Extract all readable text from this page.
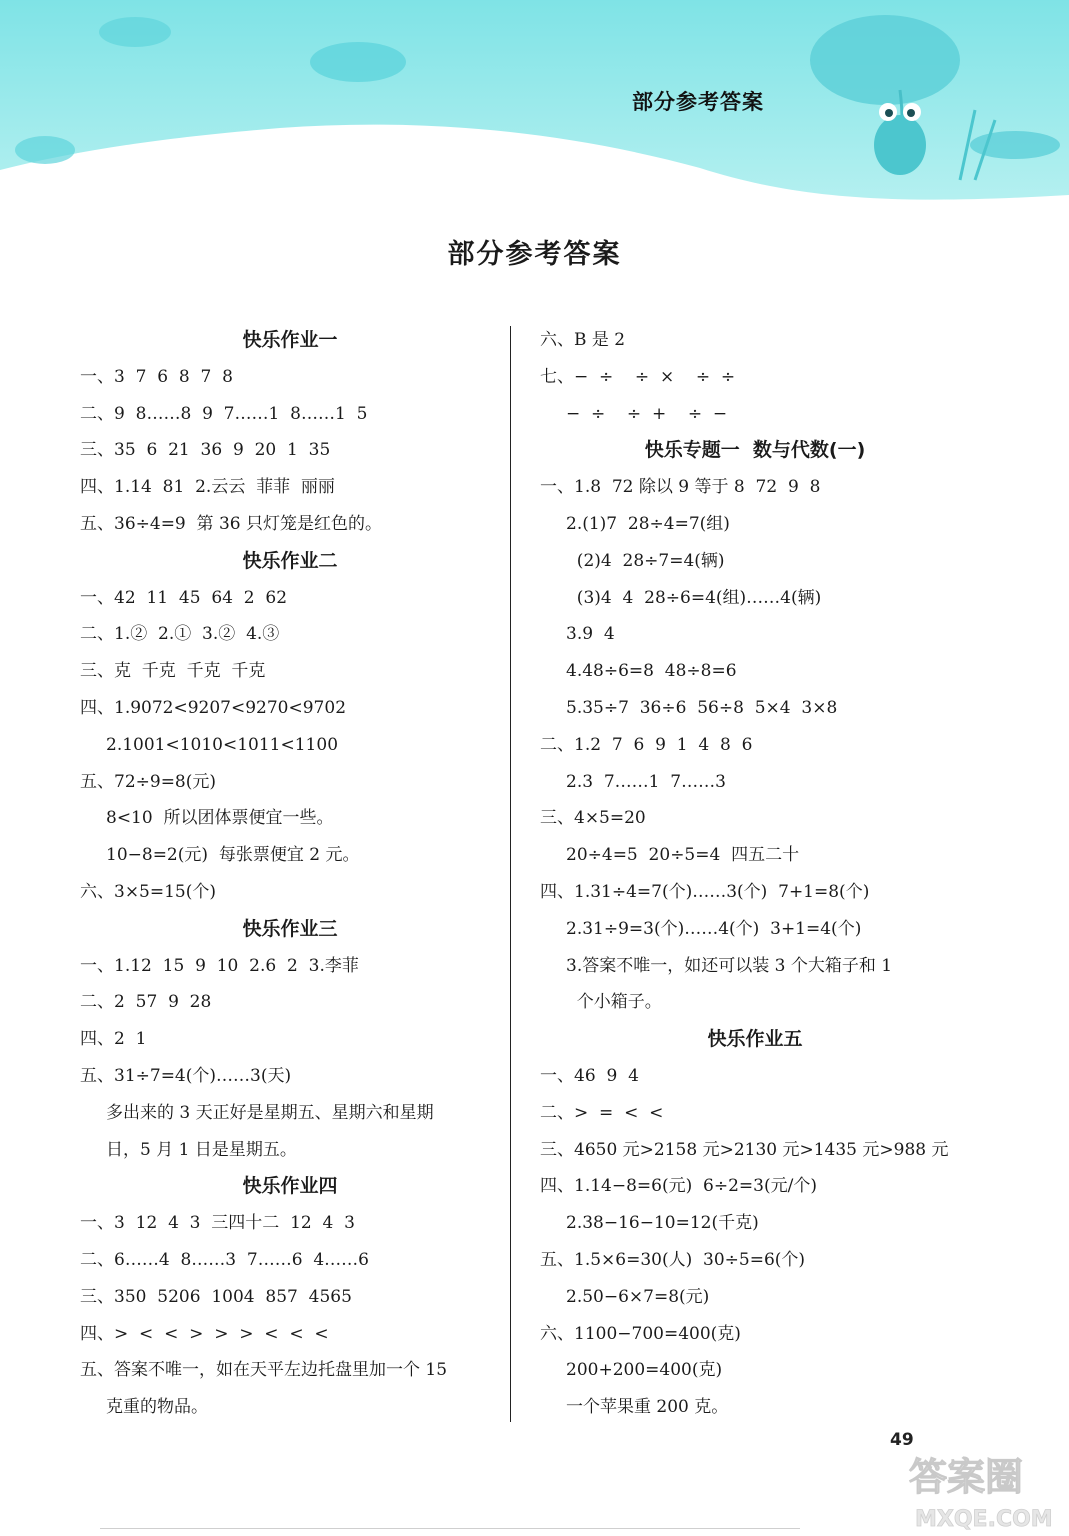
部分参考答案
部分参考答案
快乐作业一
一、3  7  6  8  7  8
二、9  8……8  9  7……1  8……1  5
三、35  6  21  36  9  20  1  35
四、1.14  81  2.云云  菲菲  丽丽
五、36÷4=9  第 36 只灯笼是红色的。
快乐作业二
一、42  11  45  64  2  62
二、1.②  2.①  3.②  4.③
三、克  千克  千克  千克
四、1.9072<9207<9270<9702
2.1001<1010<1011<1100
五、72÷9=8(元)
8<10  所以团体票便宜一些。
10−8=2(元)  每张票便宜 2 元。
六、3×5=15(个)
快乐作业三
一、1.12  15  9  10  2.6  2  3.李菲
二、2  57  9  28
四、2  1
五、31÷7=4(个)……3(天)
多出来的 3 天正好是星期五、星期六和星期
日，5 月 1 日是星期五。
快乐作业四
一、3  12  4  3  三四十二  12  4  3
二、6……4  8……3  7……6  4……6
三、350  5206  1004  857  4565
四、>  <  <  >  >  >  <  <  <
五、答案不唯一，如在天平左边托盘里加一个 15
克重的物品。
六、B 是 2
七、−  ÷    ÷  ×    ÷  ÷
−  ÷    ÷  +    ÷  −
快乐专题一  数与代数(一)
一、1.8  72 除以 9 等于 8  72  9  8
2.(1)7  28÷4=7(组)
(2)4  28÷7=4(辆)
(3)4  4  28÷6=4(组)……4(辆)
3.9  4
4.48÷6=8  48÷8=6
5.35÷7  36÷6  56÷8  5×4  3×8
二、1.2  7  6  9  1  4  8  6
2.3  7……1  7……3
三、4×5=20
20÷4=5  20÷5=4  四五二十
四、1.31÷4=7(个)……3(个)  7+1=8(个)
2.31÷9=3(个)……4(个)  3+1=4(个)
3.答案不唯一，如还可以装 3 个大箱子和 1
个小箱子。
快乐作业五
一、46  9  4
二、>  =  <  <
三、4650 元>2158 元>2130 元>1435 元>988 元
四、1.14−8=6(元)  6÷2=3(元/个)
2.38−16−10=12(千克)
五、1.5×6=30(人)  30÷5=6(个)
2.50−6×7=8(元)
六、1100−700=400(克)
200+200=400(克)
一个苹果重 200 克。
49
答案圈
MXQE.COM
